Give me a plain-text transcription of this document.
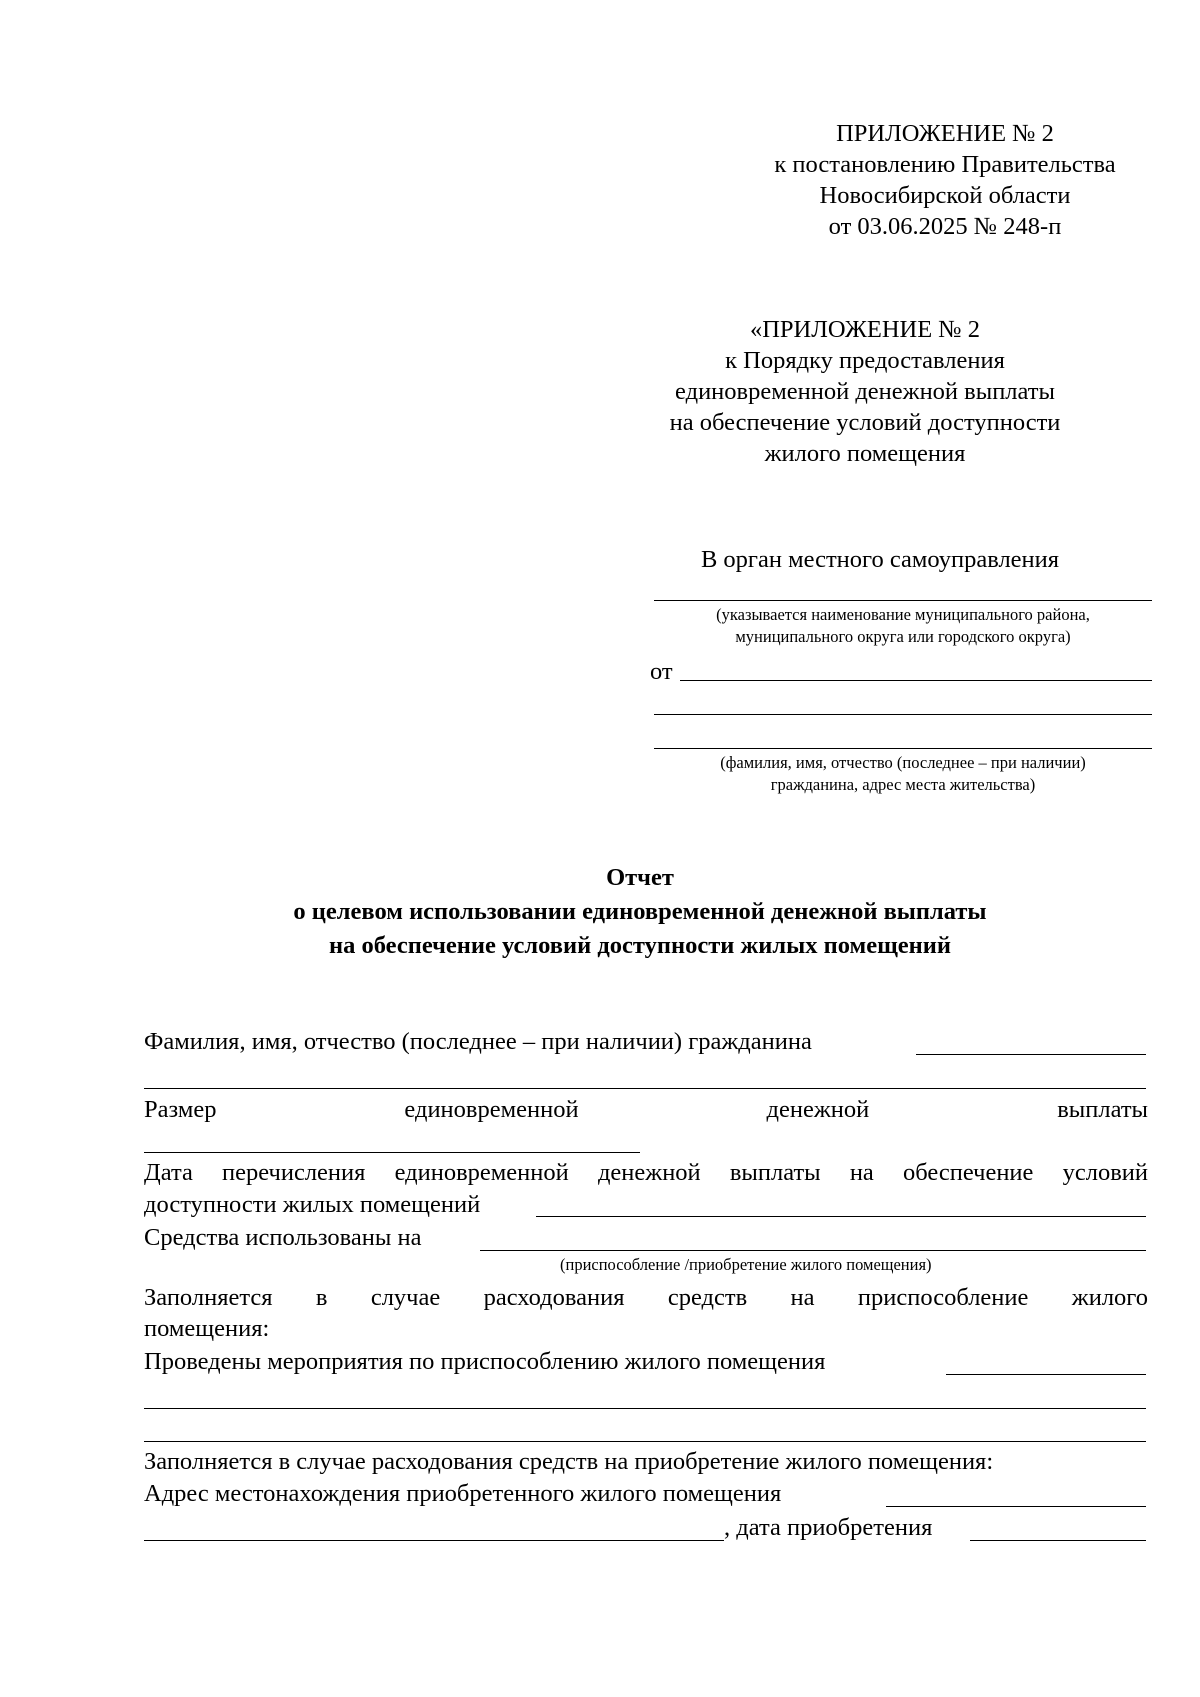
ПРИЛОЖЕНИЕ № 2
к постановлению Правительства
Новосибирской области
от 03.06.2025 № 248-п
«ПРИЛОЖЕНИЕ № 2
к Порядку предоставления
единовременной денежной выплаты
на обеспечение условий доступности
жилого помещения
В орган местного самоуправления
(указывается наименование муниципального района,
муниципального округа или городского округа)
от
(фамилия, имя, отчество (последнее – при наличии)
гражданина, адрес места жительства)
Отчет
о целевом использовании единовременной денежной выплаты
на обеспечение условий доступности жилых помещений
Фамилия, имя, отчество (последнее – при наличии) гражданина
Размер	единовременной	денежной	выплаты
Дата перечисления единовременной денежной выплаты на обеспечение условий
доступности жилых помещений
Средства использованы на
(приспособление /приобретение жилого помещения)
Заполняется в случае расходования средств на приспособление жилого
помещения:
Проведены мероприятия по приспособлению жилого помещения
Заполняется в случае расходования средств на приобретение жилого помещения:
Адрес местонахождения приобретенного жилого помещения
, дата приобретения
